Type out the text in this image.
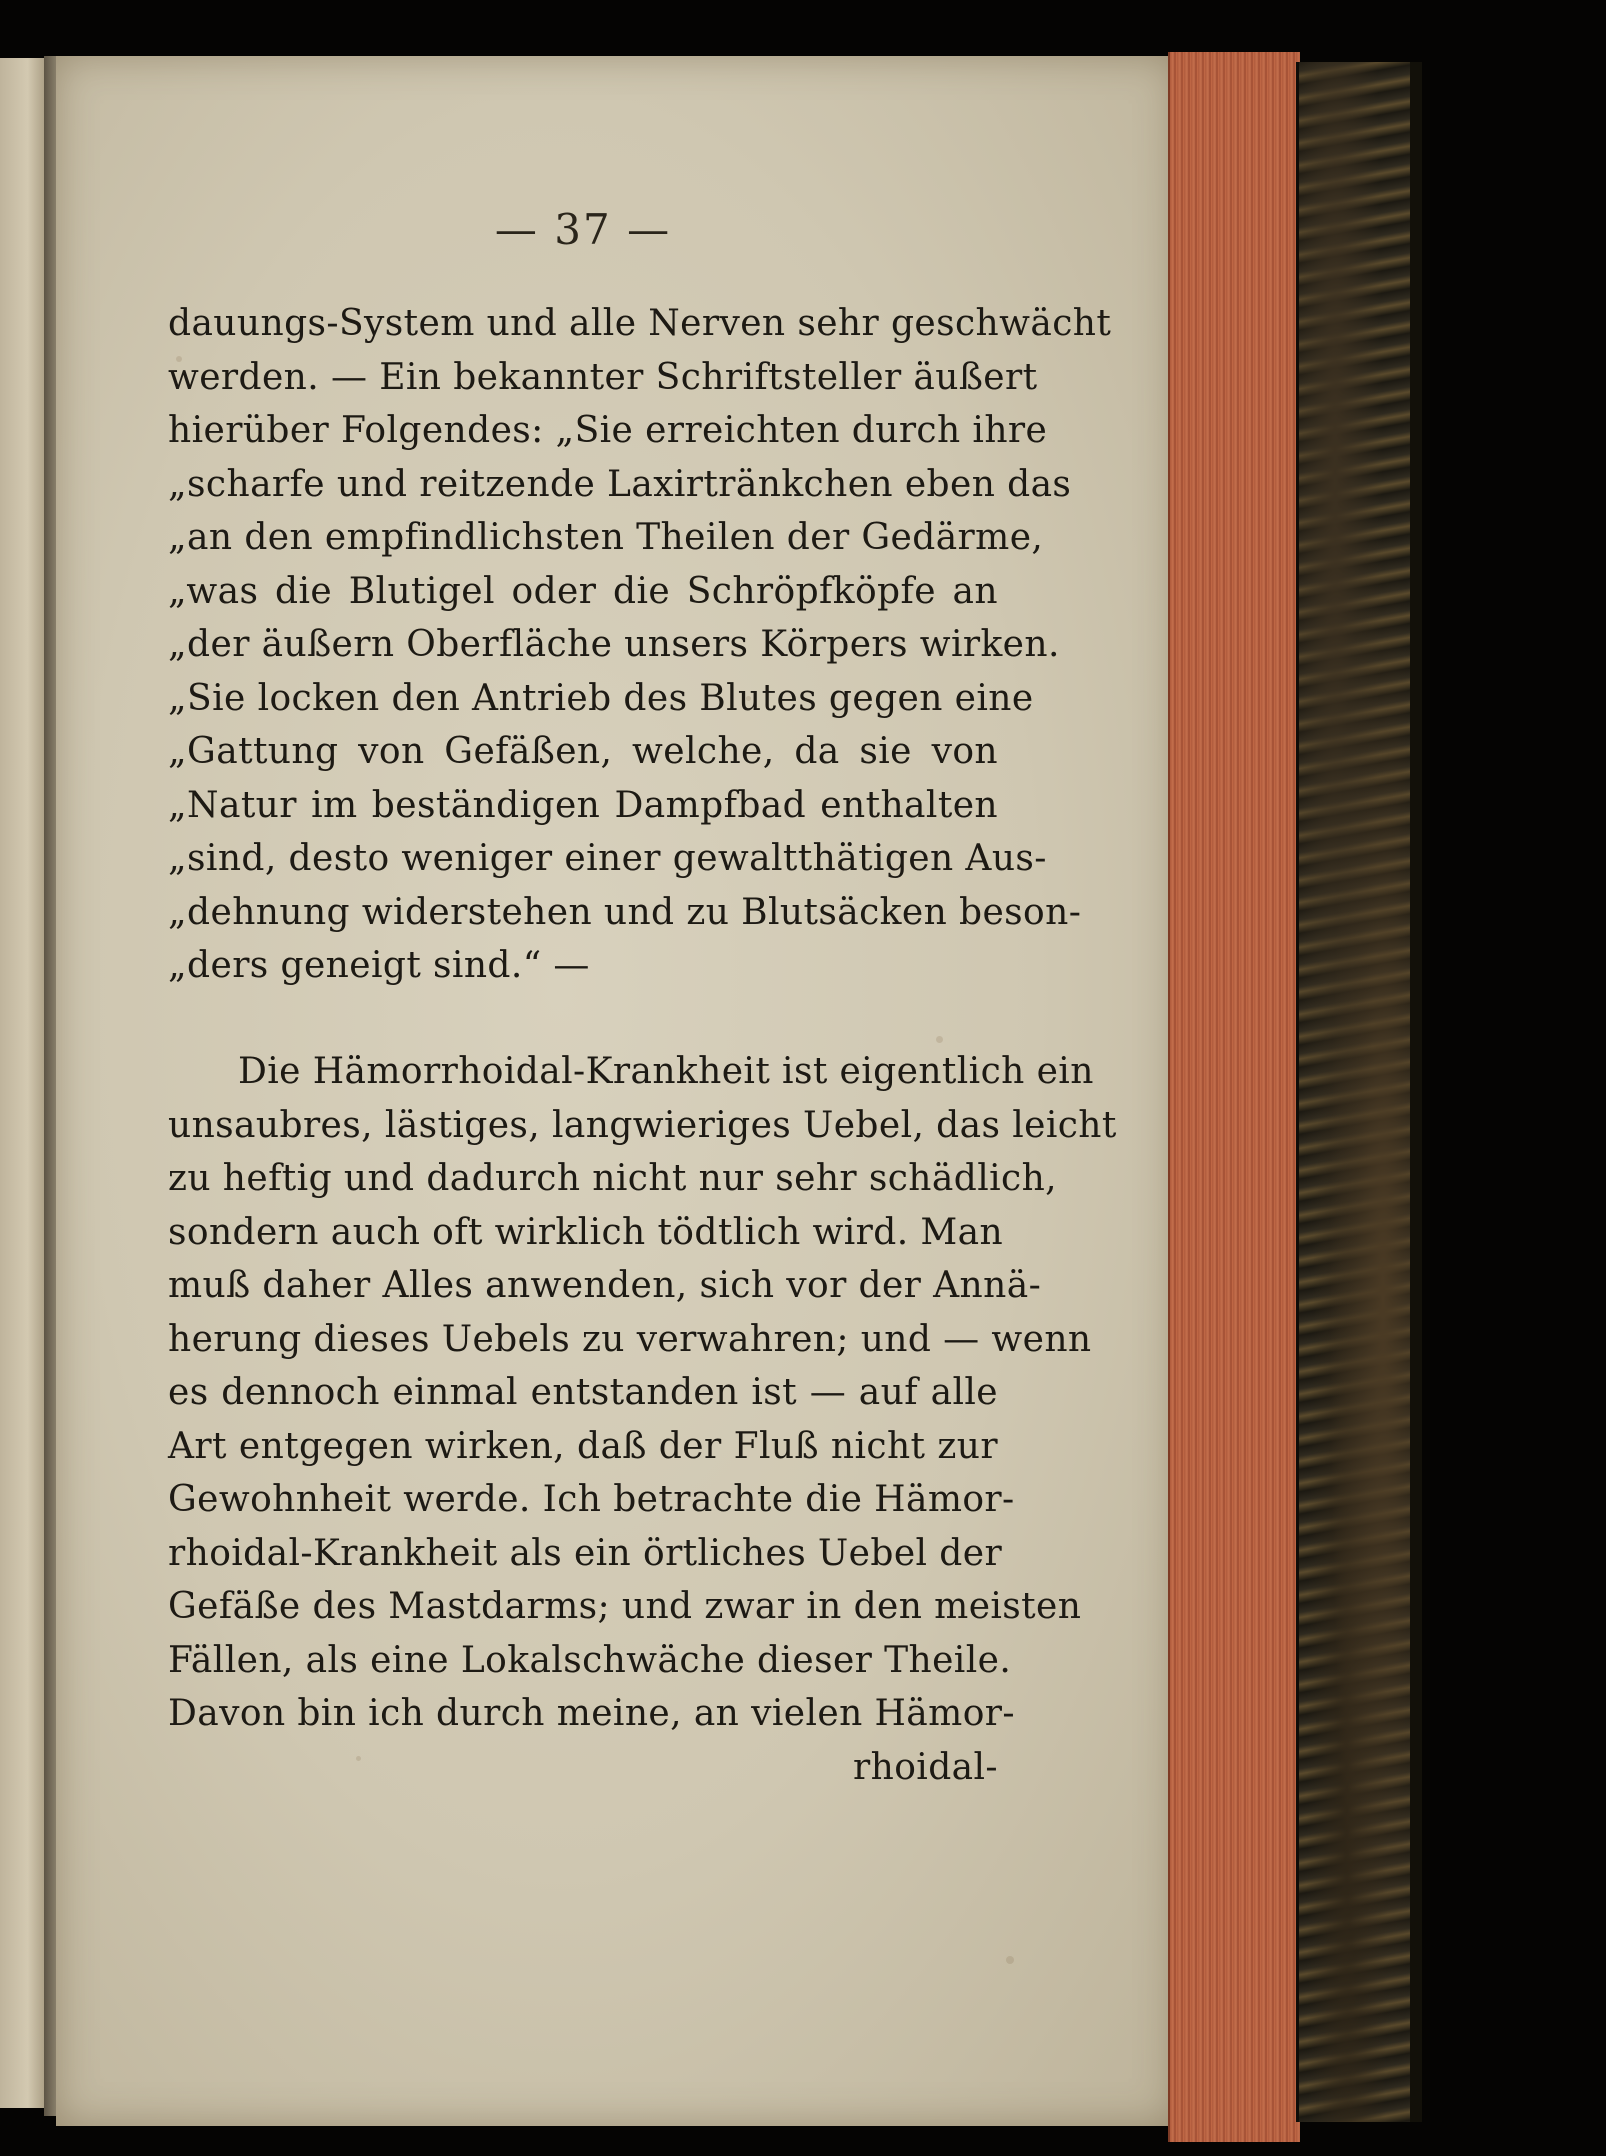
— 37 —
dauungs-System und alle Nerven sehr geschwächt
werden. — Ein bekannter Schriftsteller äußert
hierüber Folgendes: „Sie erreichten durch ihre
„scharfe und reitzende Laxirtränkchen eben das
„an den empfindlichsten Theilen der Gedärme,
„was die Blutigel oder die Schröpfköpfe an
„der äußern Oberfläche unsers Körpers wirken.
„Sie locken den Antrieb des Blutes gegen eine
„Gattung von Gefäßen, welche, da sie von
„Natur im beständigen Dampfbad enthalten
„sind, desto weniger einer gewaltthätigen Aus-
„dehnung widerstehen und zu Blutsäcken beson-
„ders geneigt sind.“ —
Die Hämorrhoidal-Krankheit ist eigentlich ein
unsaubres, lästiges, langwieriges Uebel, das leicht
zu heftig und dadurch nicht nur sehr schädlich,
sondern auch oft wirklich tödtlich wird. Man
muß daher Alles anwenden, sich vor der Annä-
herung dieses Uebels zu verwahren; und — wenn
es dennoch einmal entstanden ist — auf alle
Art entgegen wirken, daß der Fluß nicht zur
Gewohnheit werde. Ich betrachte die Hämor-
rhoidal-Krankheit als ein örtliches Uebel der
Gefäße des Mastdarms; und zwar in den meisten
Fällen, als eine Lokalschwäche dieser Theile.
Davon bin ich durch meine, an vielen Hämor-
rhoidal-
